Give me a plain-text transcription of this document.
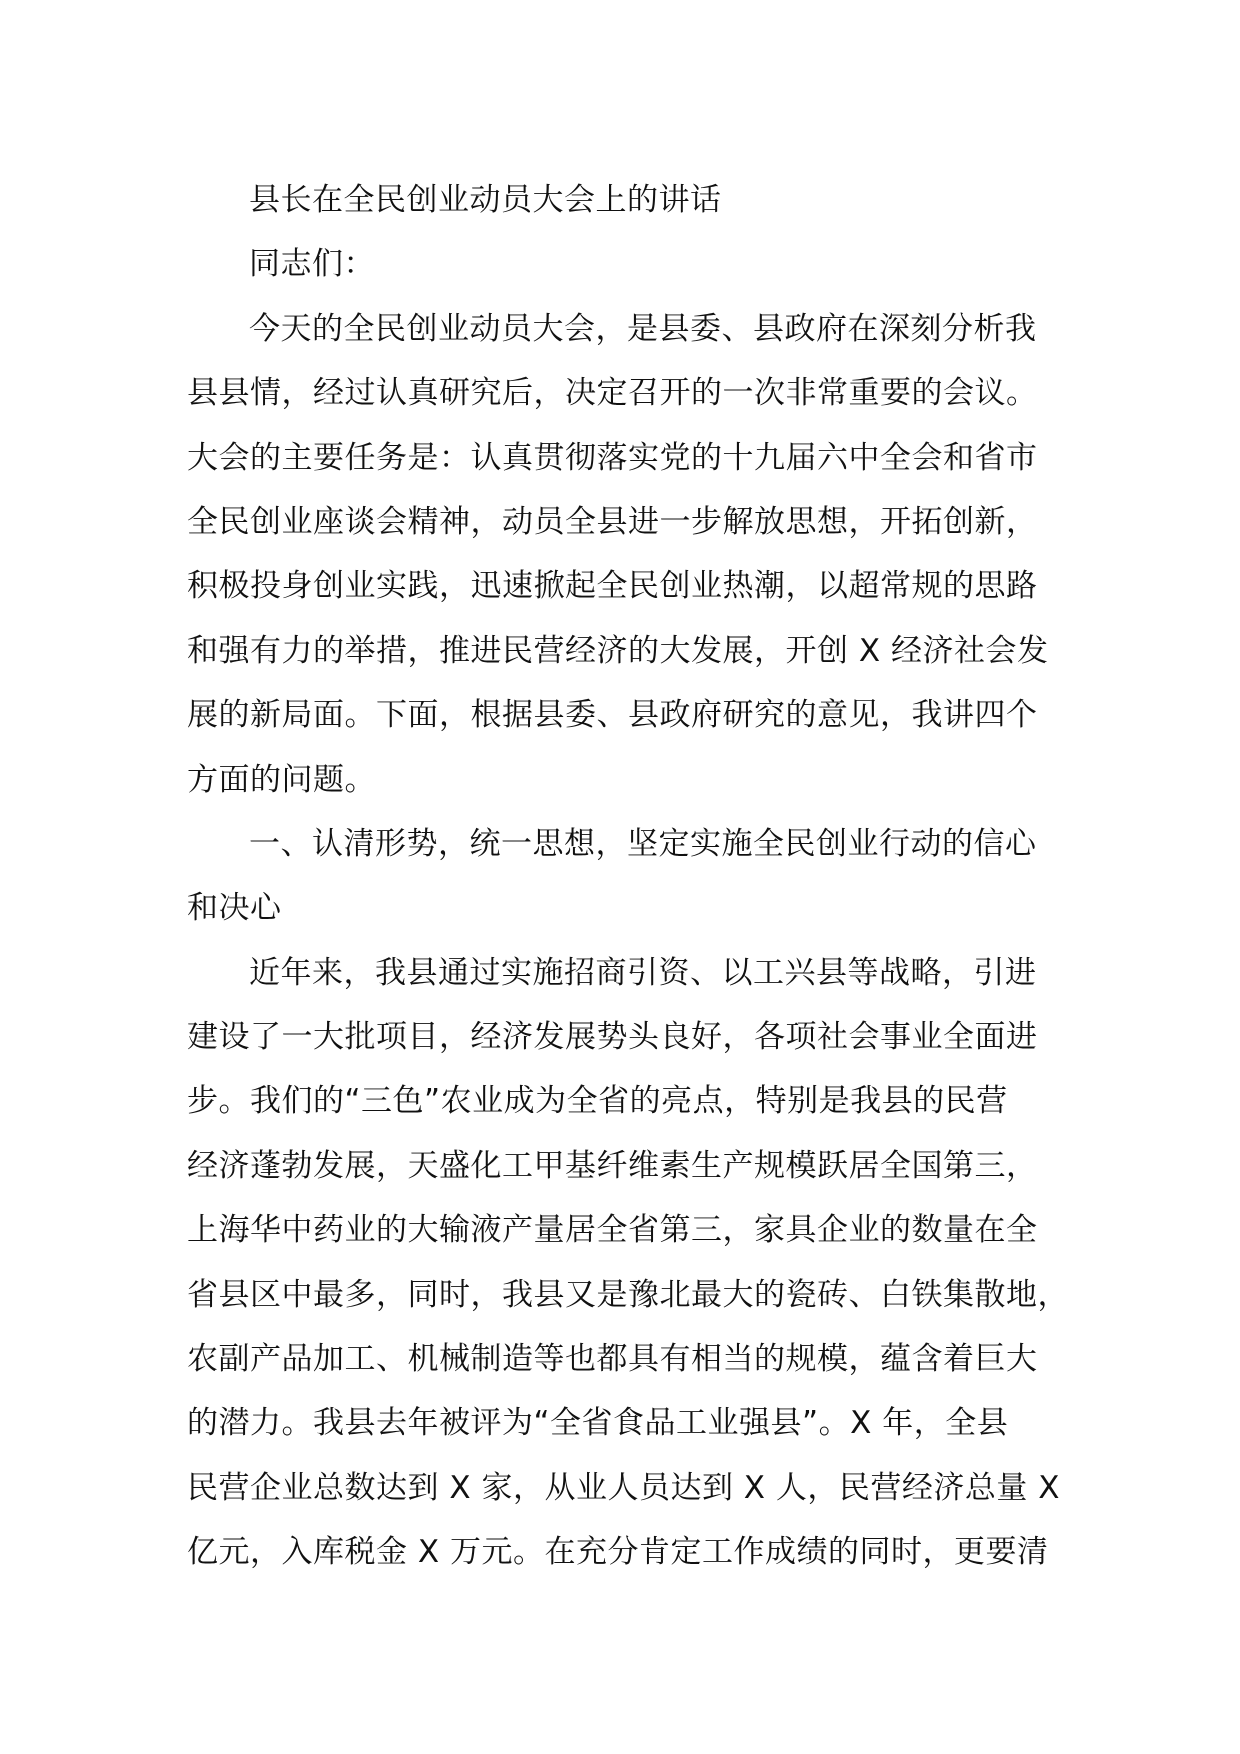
县长在全民创业动员大会上的讲话
同志们：
今天的全民创业动员大会，是县委、县政府在深刻分析我
县县情，经过认真研究后，决定召开的一次非常重要的会议。
大会的主要任务是：认真贯彻落实党的十九届六中全会和省市
全民创业座谈会精神，动员全县进一步解放思想，开拓创新，
积极投身创业实践，迅速掀起全民创业热潮，以超常规的思路
和强有力的举措，推进民营经济的大发展，开创 X 经济社会发
展的新局面。下面，根据县委、县政府研究的意见，我讲四个
方面的问题。
一、认清形势，统一思想，坚定实施全民创业行动的信心
和决心
近年来，我县通过实施招商引资、以工兴县等战略，引进
建设了一大批项目，经济发展势头良好，各项社会事业全面进
步。我们的“三色”农业成为全省的亮点，特别是我县的民营
经济蓬勃发展，天盛化工甲基纤维素生产规模跃居全国第三，
上海华中药业的大输液产量居全省第三，家具企业的数量在全
省县区中最多，同时，我县又是豫北最大的瓷砖、白铁集散地，
农副产品加工、机械制造等也都具有相当的规模，蕴含着巨大
的潜力。我县去年被评为“全省食品工业强县”。X 年，全县
民营企业总数达到 X 家，从业人员达到 X 人，民营经济总量 X
亿元，入库税金 X 万元。在充分肯定工作成绩的同时，更要清
